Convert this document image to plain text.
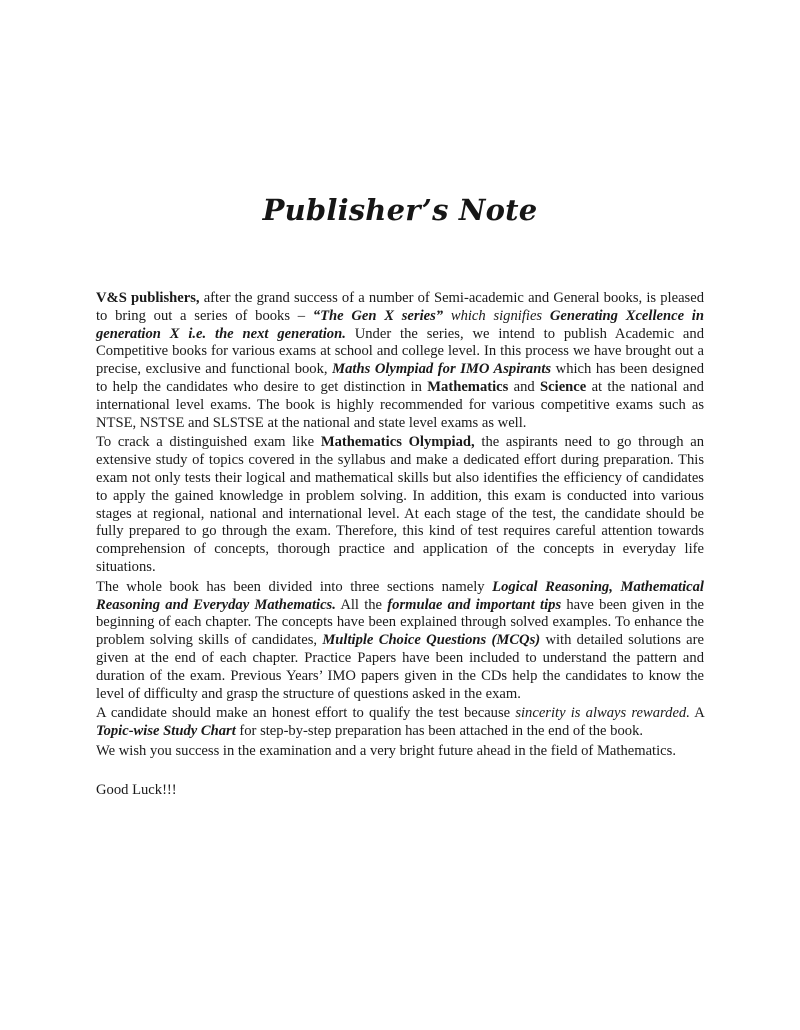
Publisher’s Note

V&S publishers, after the grand success of a number of Semi-academic and General books, is pleased to bring out a series of books – “The Gen X series” which signifies Generating Xcellence in generation X i.e. the next generation. Under the series, we intend to publish Academic and Competitive books for various exams at school and college level. In this process we have brought out a precise, exclusive and functional book, Maths Olympiad for IMO Aspirants which has been designed to help the candidates who desire to get distinction in Mathematics and Science at the national and international level exams. The book is highly recommended for various competitive exams such as NTSE, NSTSE and SLSTSE at the national and state level exams as well.

To crack a distinguished exam like Mathematics Olympiad, the aspirants need to go through an extensive study of topics covered in the syllabus and make a dedicated effort during preparation. This exam not only tests their logical and mathematical skills but also identifies the efficiency of candidates to apply the gained knowledge in problem solving. In addition, this exam is conducted into various stages at regional, national and international level. At each stage of the test, the candidate should be fully prepared to go through the exam. Therefore, this kind of test requires careful attention towards comprehension of concepts, thorough practice and application of the concepts in everyday life situations.

The whole book has been divided into three sections namely Logical Reasoning, Mathematical Reasoning and Everyday Mathematics. All the formulae and important tips have been given in the beginning of each chapter. The concepts have been explained through solved examples. To enhance the problem solving skills of candidates, Multiple Choice Questions (MCQs) with detailed solutions are given at the end of each chapter. Practice Papers have been included to understand the pattern and duration of the exam. Previous Years’ IMO papers given in the CDs help the candidates to know the level of difficulty and grasp the structure of questions asked in the exam.

A candidate should make an honest effort to qualify the test because sincerity is always rewarded. A Topic-wise Study Chart for step-by-step preparation has been attached in the end of the book.

We wish you success in the examination and a very bright future ahead in the field of Mathematics.

Good Luck!!!
